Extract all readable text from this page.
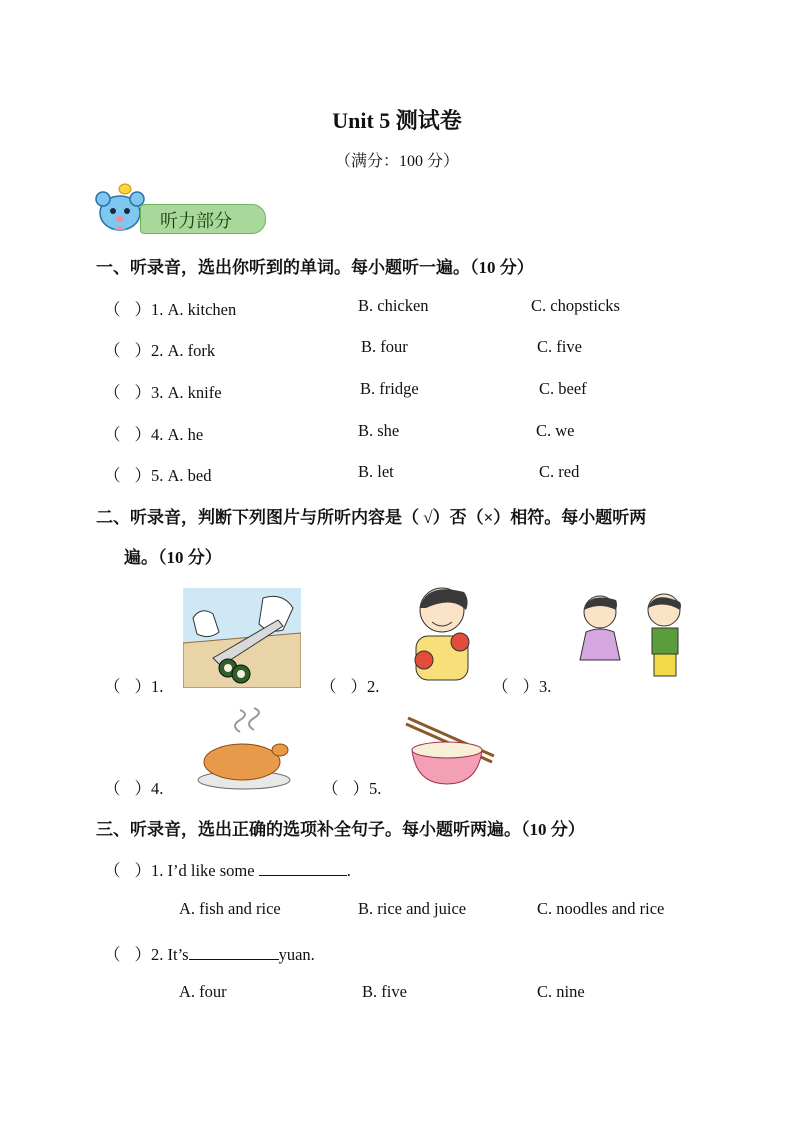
Unit 5 测试卷
（满分：100 分）
听力部分
一、听录音，选出你听到的单词。每小题听一遍。（10 分）
（ ）1. A. kitchen	B. chicken	C. chopsticks
（ ）2. A. fork	B. four	C. five
（ ）3. A. knife	B. fridge	C. beef
（ ）4. A. he	B. she	C. we
（ ）5. A. bed	B. let	C. red
二、听录音，判断下列图片与所听内容是（ √）否（×）相符。每小题听两
遍。（10 分）
（ ）1.	（ ）2.	（ ）3.
（ ）4.	（ ）5.
三、听录音，选出正确的选项补全句子。每小题听两遍。（10 分）
（ ）1. I’d like some	.
A. fish and rice	B. rice and juice	C. noodles and rice
（ ）2. It’s	yuan.
A. four	B. five	C. nine
